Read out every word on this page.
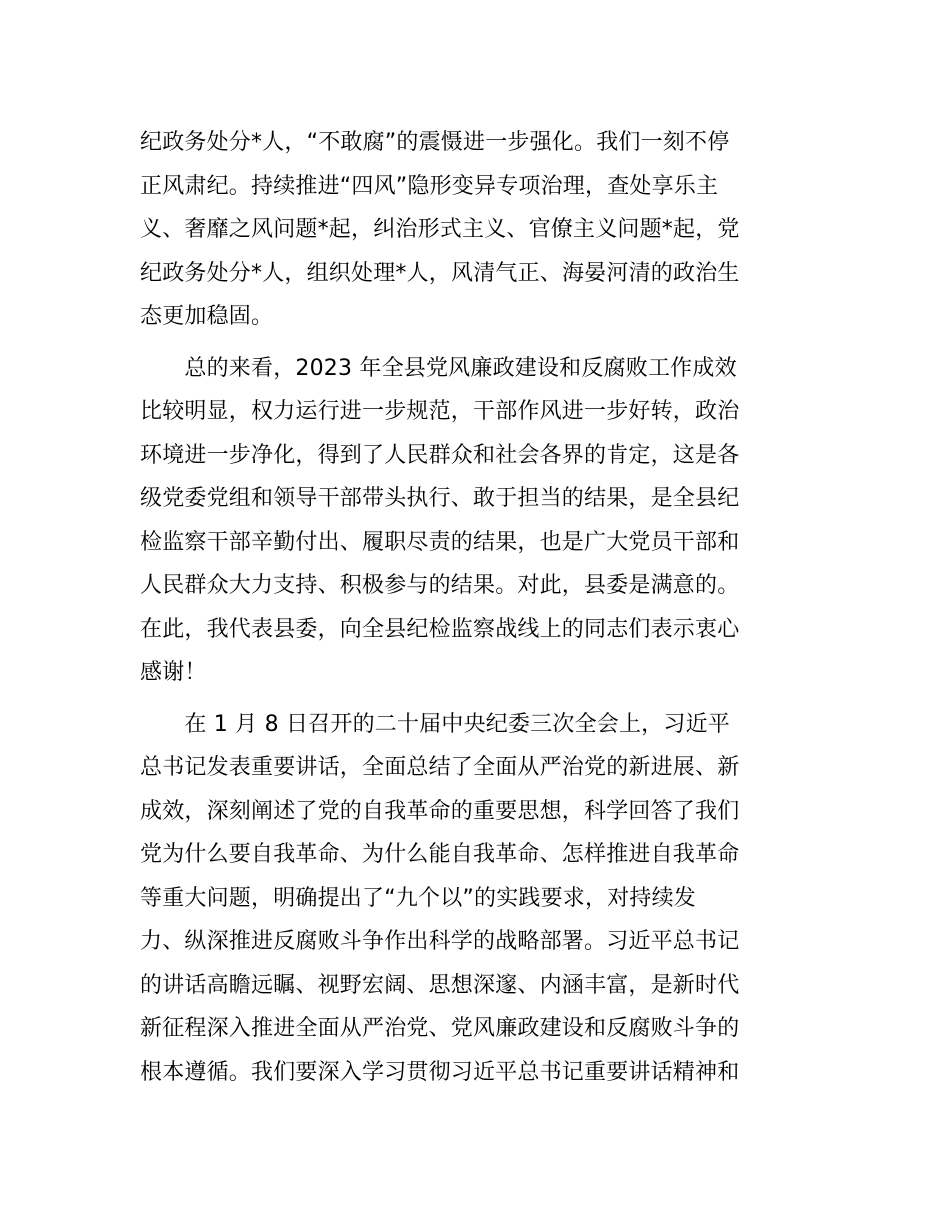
纪政务处分*人，“不敢腐”的震慑进一步强化。我们一刻不停
正风肃纪。持续推进“四风”隐形变异专项治理，查处享乐主
义、奢靡之风问题*起，纠治形式主义、官僚主义问题*起，党
纪政务处分*人，组织处理*人，风清气正、海晏河清的政治生
态更加稳固。
　　总的来看，2023 年全县党风廉政建设和反腐败工作成效
比较明显，权力运行进一步规范，干部作风进一步好转，政治
环境进一步净化，得到了人民群众和社会各界的肯定，这是各
级党委党组和领导干部带头执行、敢于担当的结果，是全县纪
检监察干部辛勤付出、履职尽责的结果，也是广大党员干部和
人民群众大力支持、积极参与的结果。对此，县委是满意的。
在此，我代表县委，向全县纪检监察战线上的同志们表示衷心
感谢！
　　在 1 月 8 日召开的二十届中央纪委三次全会上，习近平
总书记发表重要讲话，全面总结了全面从严治党的新进展、新
成效，深刻阐述了党的自我革命的重要思想，科学回答了我们
党为什么要自我革命、为什么能自我革命、怎样推进自我革命
等重大问题，明确提出了“九个以”的实践要求，对持续发
力、纵深推进反腐败斗争作出科学的战略部署。习近平总书记
的讲话高瞻远瞩、视野宏阔、思想深邃、内涵丰富，是新时代
新征程深入推进全面从严治党、党风廉政建设和反腐败斗争的
根本遵循。我们要深入学习贯彻习近平总书记重要讲话精神和
